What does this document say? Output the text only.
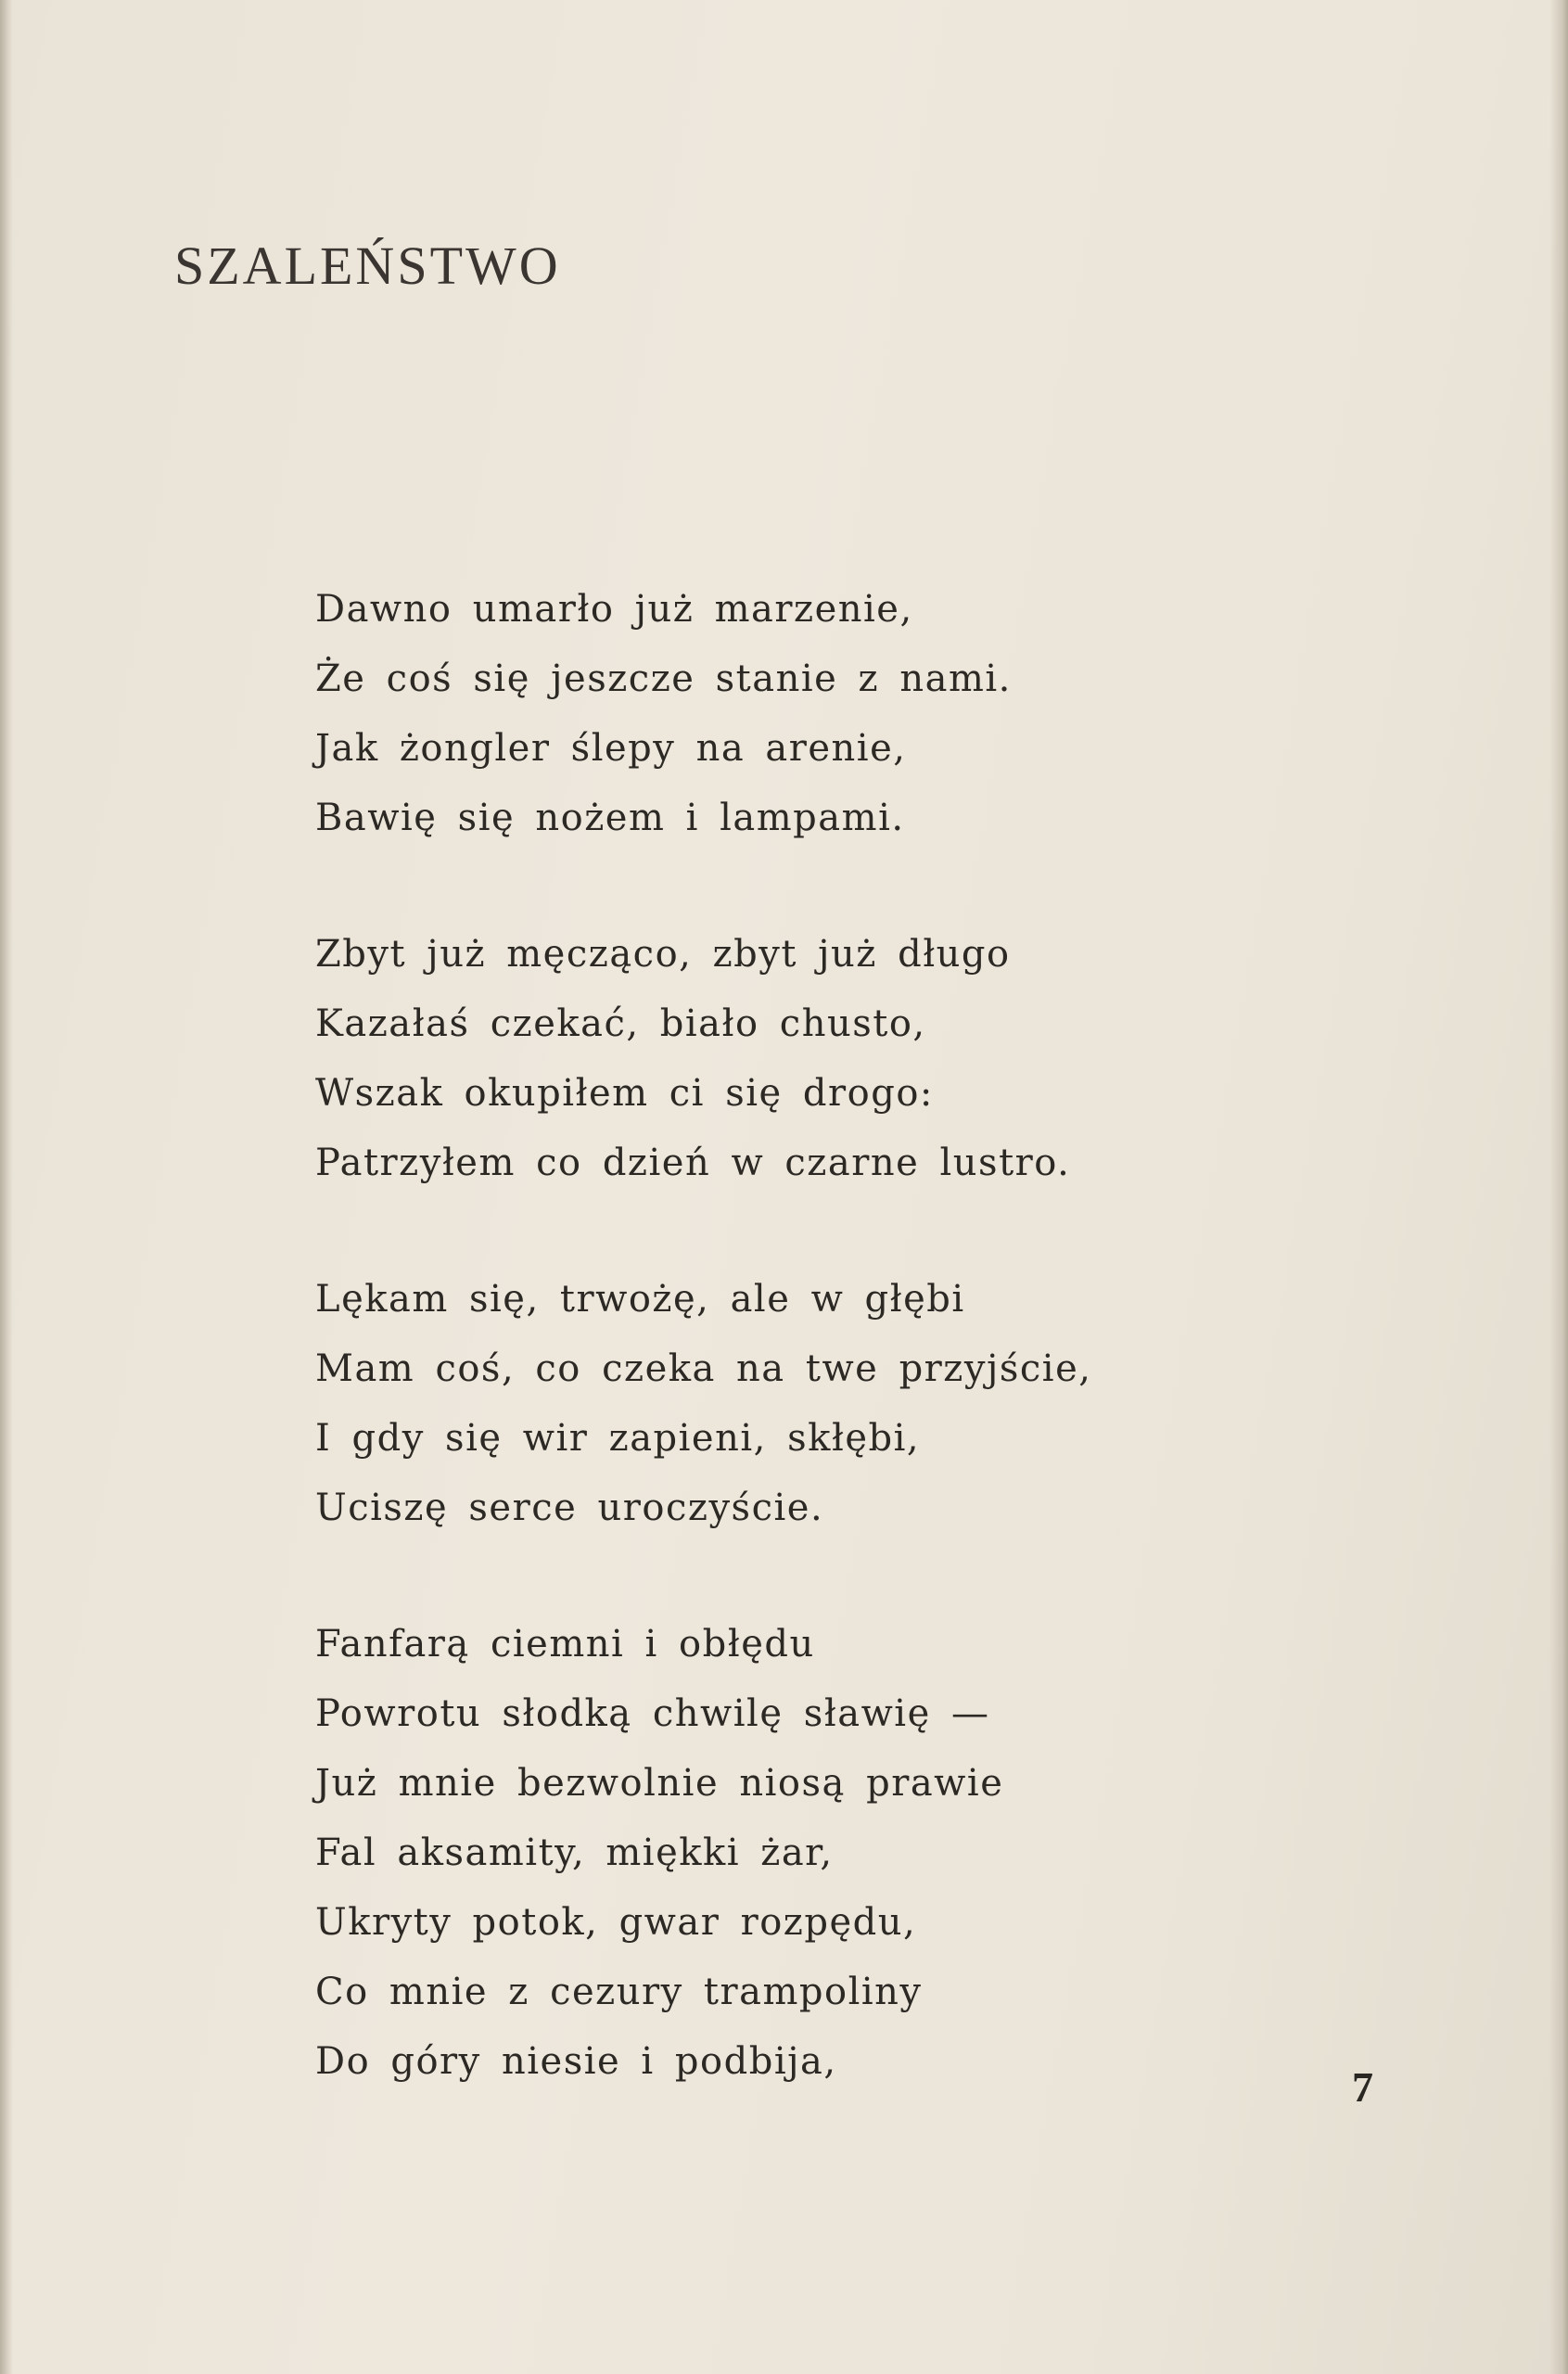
SZALEŃSTWO
Dawno umarło już marzenie,
Że coś się jeszcze stanie z nami.
Jak żongler ślepy na arenie,
Bawię się nożem i lampami.
Zbyt już męcząco, zbyt już długo
Kazałaś czekać, biało chusto,
Wszak okupiłem ci się drogo:
Patrzyłem co dzień w czarne lustro.
Lękam się, trwożę, ale w głębi
Mam coś, co czeka na twe przyjście,
I gdy się wir zapieni, skłębi,
Uciszę serce uroczyście.
Fanfarą ciemni i obłędu
Powrotu słodką chwilę sławię —
Już mnie bezwolnie niosą prawie
Fal aksamity, miękki żar,
Ukryty potok, gwar rozpędu,
Co mnie z cezury trampoliny
Do góry niesie i podbija,
7
